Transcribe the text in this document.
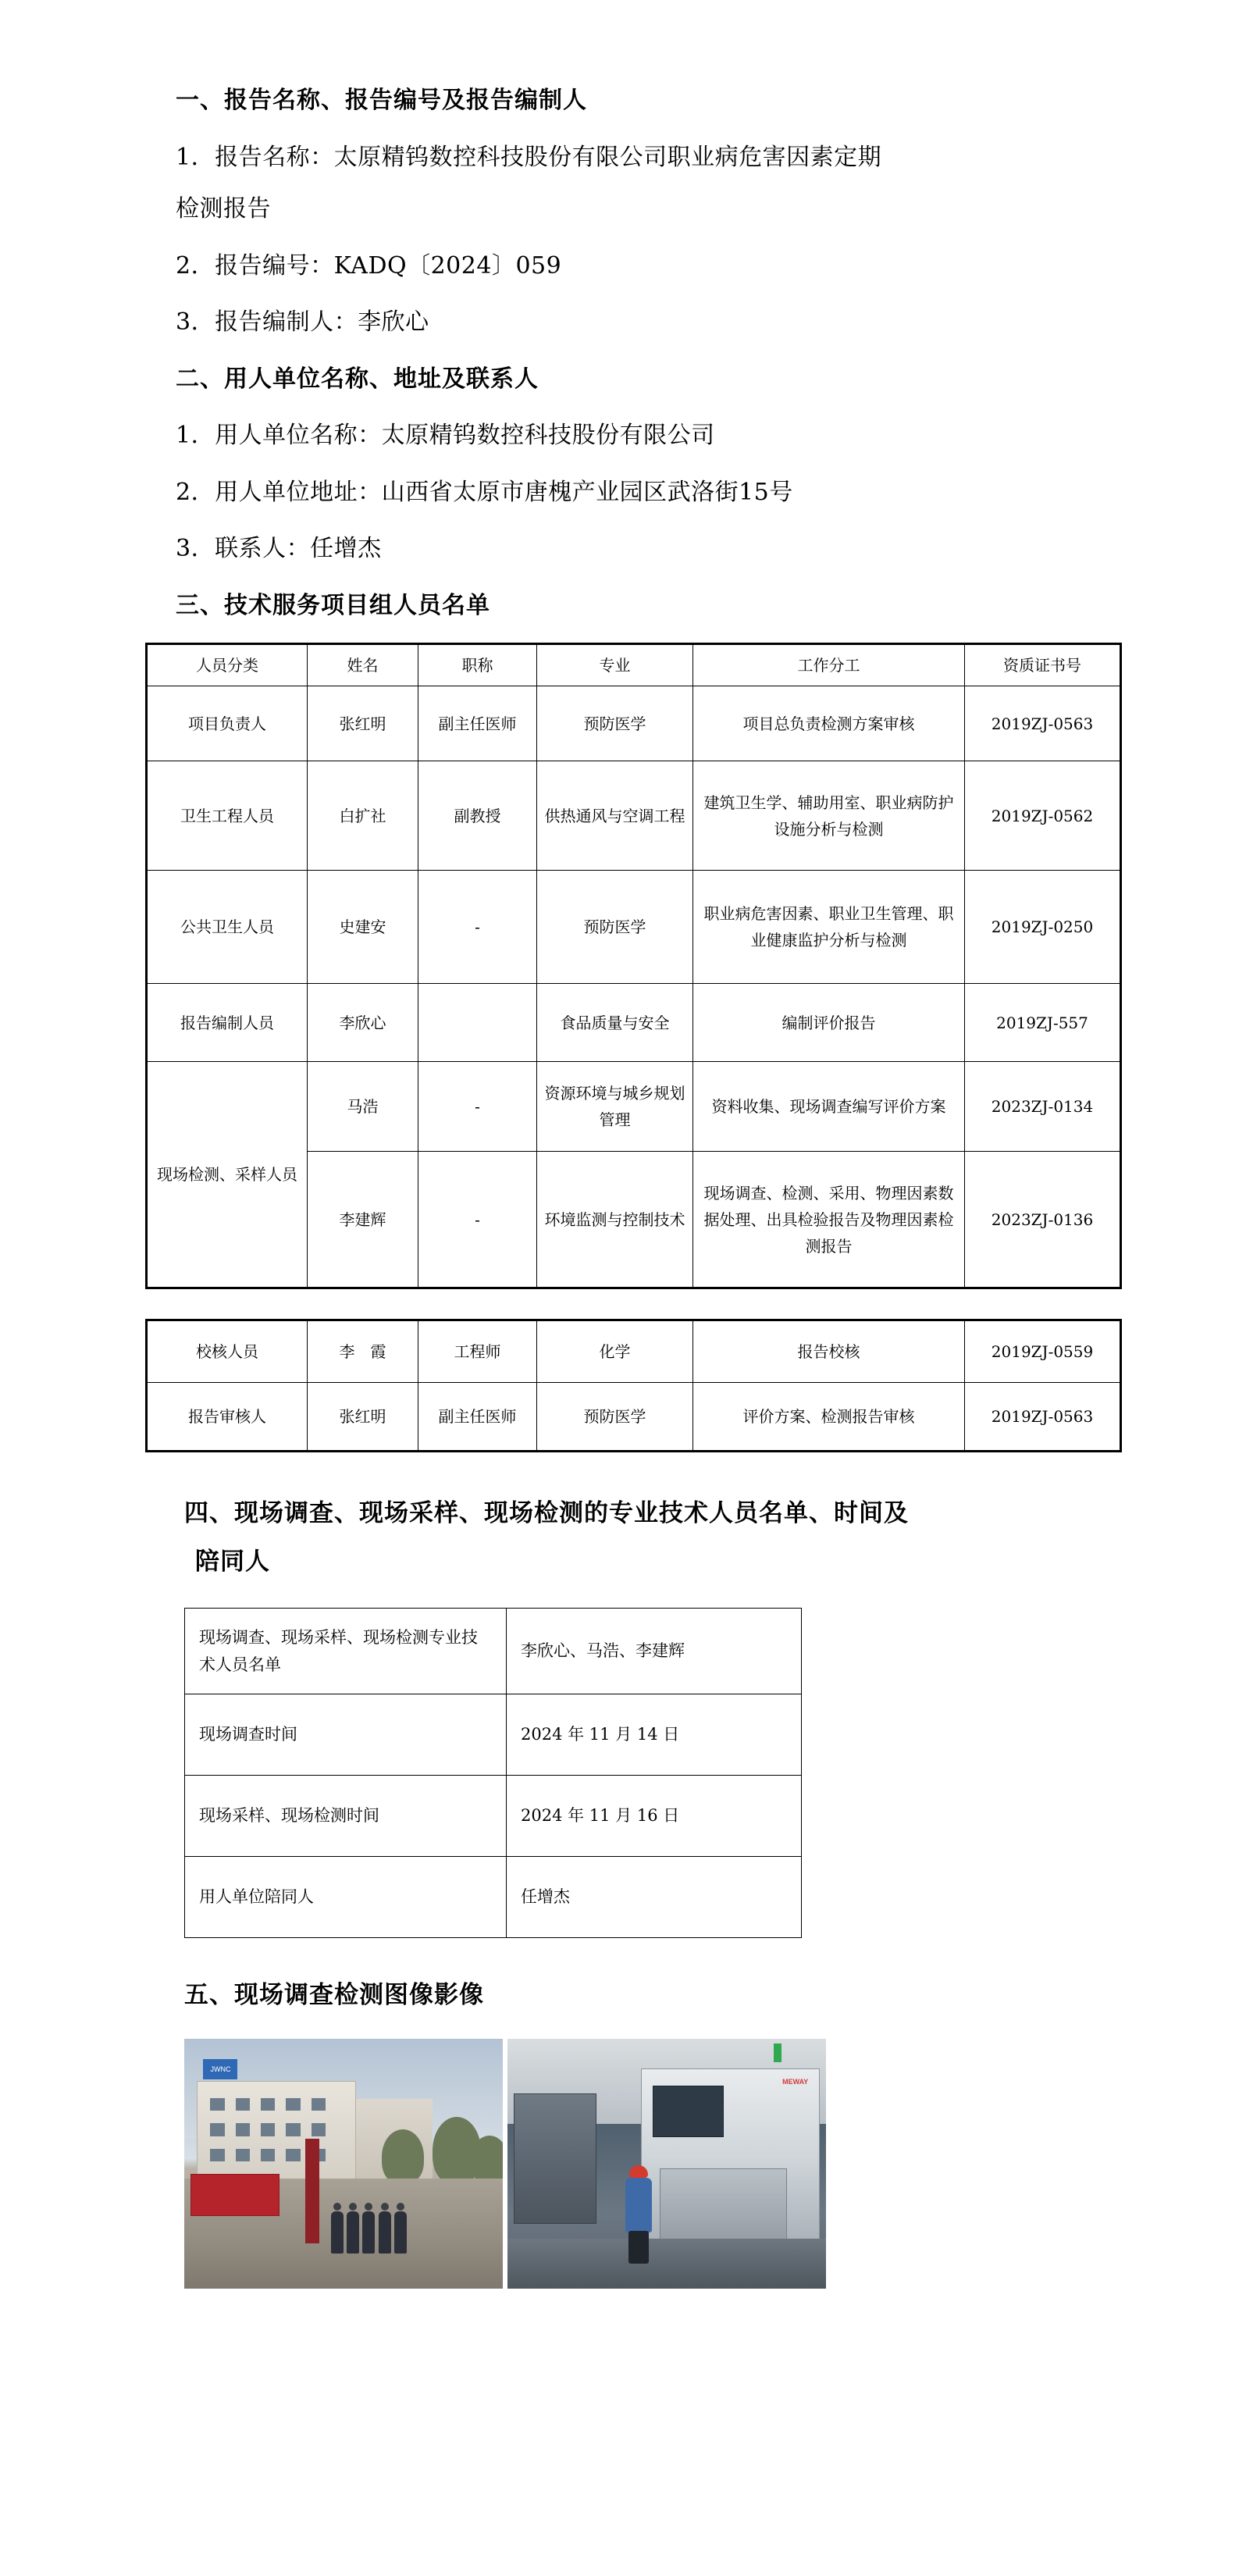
一、报告名称、报告编号及报告编制人

1．报告名称：太原精钨数控科技股份有限公司职业病危害因素定期

检测报告

2．报告编号：KADQ〔2024〕059

3．报告编制人：李欣心

二、用人单位名称、地址及联系人

1．用人单位名称：太原精钨数控科技股份有限公司

2．用人单位地址：山西省太原市唐槐产业园区武洛街15号

3．联系人：任增杰

三、技术服务项目组人员名单

人员分类	姓名	职称	专业	工作分工	资质证书号
项目负责人	张红明	副主任医师	预防医学	项目总负责检测方案审核	2019ZJ-0563
卫生工程人员	白扩社	副教授	供热通风与空调工程	建筑卫生学、辅助用室、职业病防护设施分析与检测	2019ZJ-0562
公共卫生人员	史建安	-	预防医学	职业病危害因素、职业卫生管理、职业健康监护分析与检测	2019ZJ-0250
报告编制人员	李欣心		食品质量与安全	编制评价报告	2019ZJ-557
现场检测、采样人员	马浩	-	资源环境与城乡规划管理	资料收集、现场调查编写评价方案	2023ZJ-0134
	李建辉	-	环境监测与控制技术	现场调查、检测、采用、物理因素数据处理、出具检验报告及物理因素检测报告	2023ZJ-0136
校核人员	李　霞	工程师	化学	报告校核	2019ZJ-0559
报告审核人	张红明	副主任医师	预防医学	评价方案、检测报告审核	2019ZJ-0563

四、现场调查、现场采样、现场检测的专业技术人员名单、时间及

陪同人

现场调查、现场采样、现场检测专业技术人员名单	李欣心、马浩、李建辉
现场调查时间	2024 年 11 月 14 日
现场采样、现场检测时间	2024 年 11 月 16 日
用人单位陪同人	任增杰

五、现场调查检测图像影像

JWNC
MEWAY
